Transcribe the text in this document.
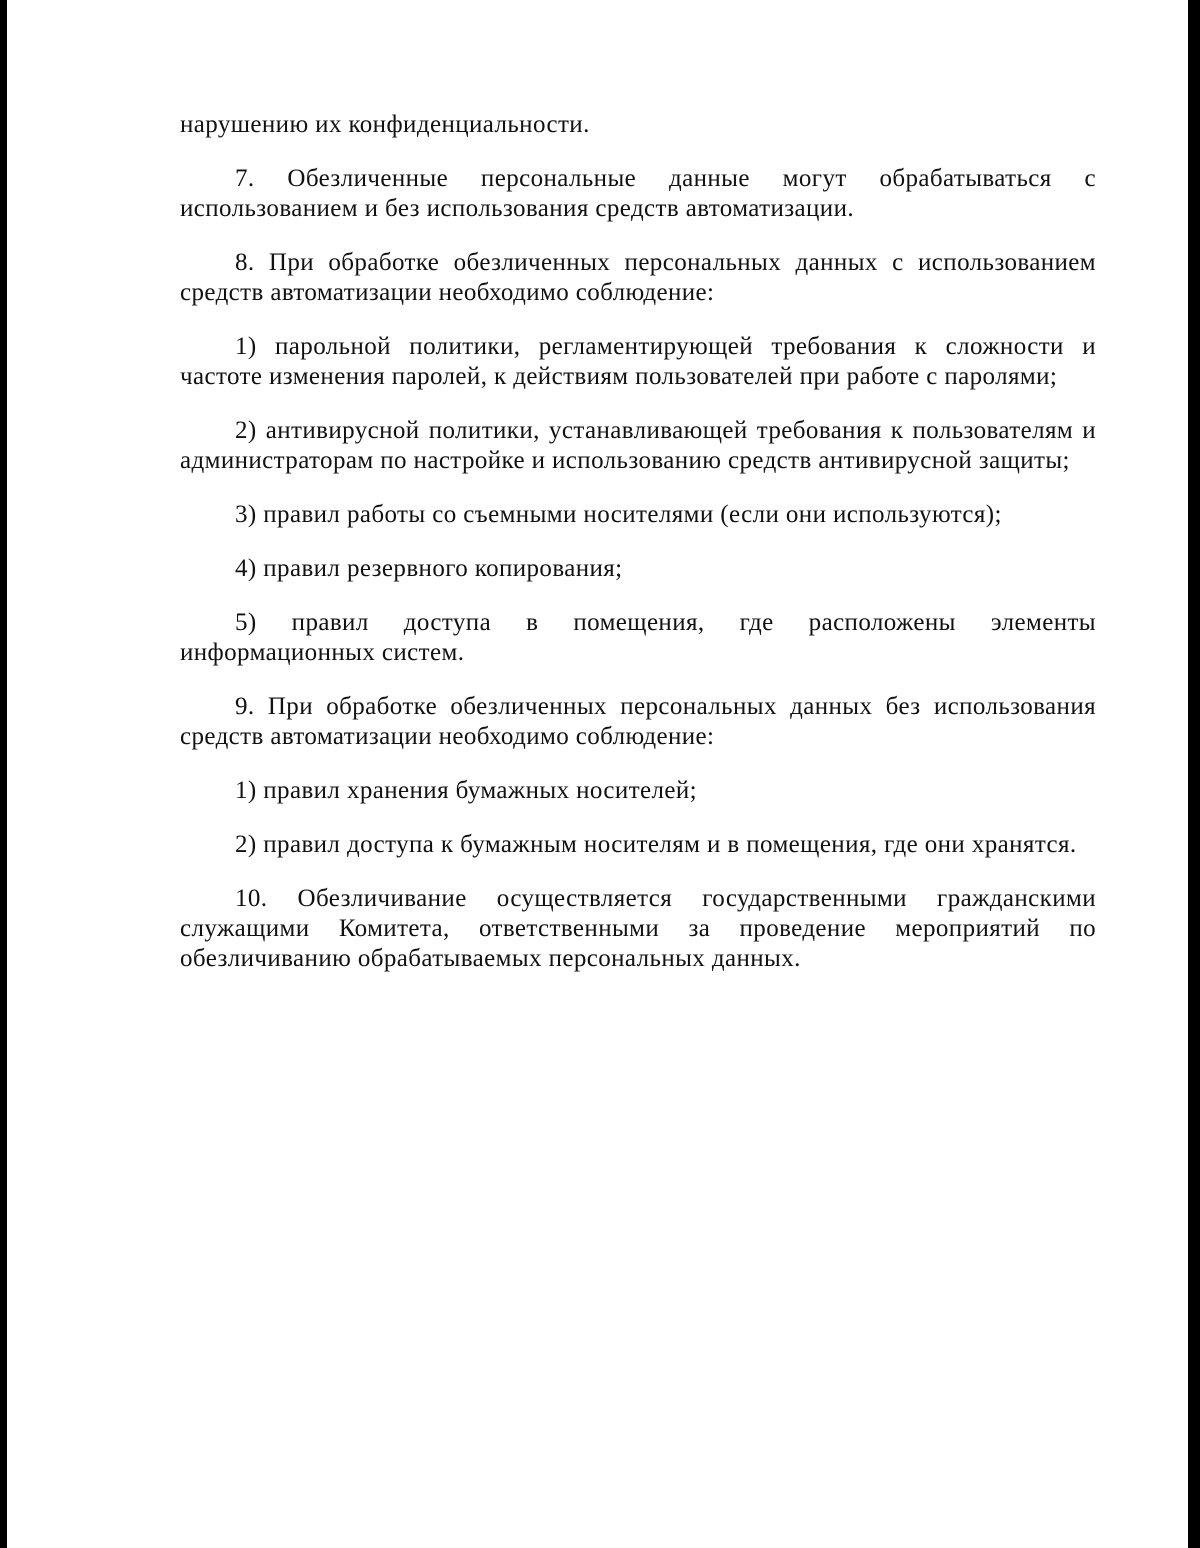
нарушению их конфиденциальности.

7. Обезличенные персональные данные могут обрабатываться с использованием и без использования средств автоматизации.

8. При обработке обезличенных персональных данных с использованием средств автоматизации необходимо соблюдение:

1) парольной политики, регламентирующей требования к сложности и частоте изменения паролей, к действиям пользователей при работе с паролями;

2) антивирусной политики, устанавливающей требования к пользователям и администраторам по настройке и использованию средств антивирусной защиты;

3) правил работы со съемными носителями (если они используются);

4) правил резервного копирования;

5) правил доступа в помещения, где расположены элементы информационных систем.

9. При обработке обезличенных персональных данных без использования средств автоматизации необходимо соблюдение:

1) правил хранения бумажных носителей;

2) правил доступа к бумажным носителям и в помещения, где они хранятся.

10. Обезличивание осуществляется государственными гражданскими служащими Комитета, ответственными за проведение мероприятий по обезличиванию обрабатываемых персональных данных.
